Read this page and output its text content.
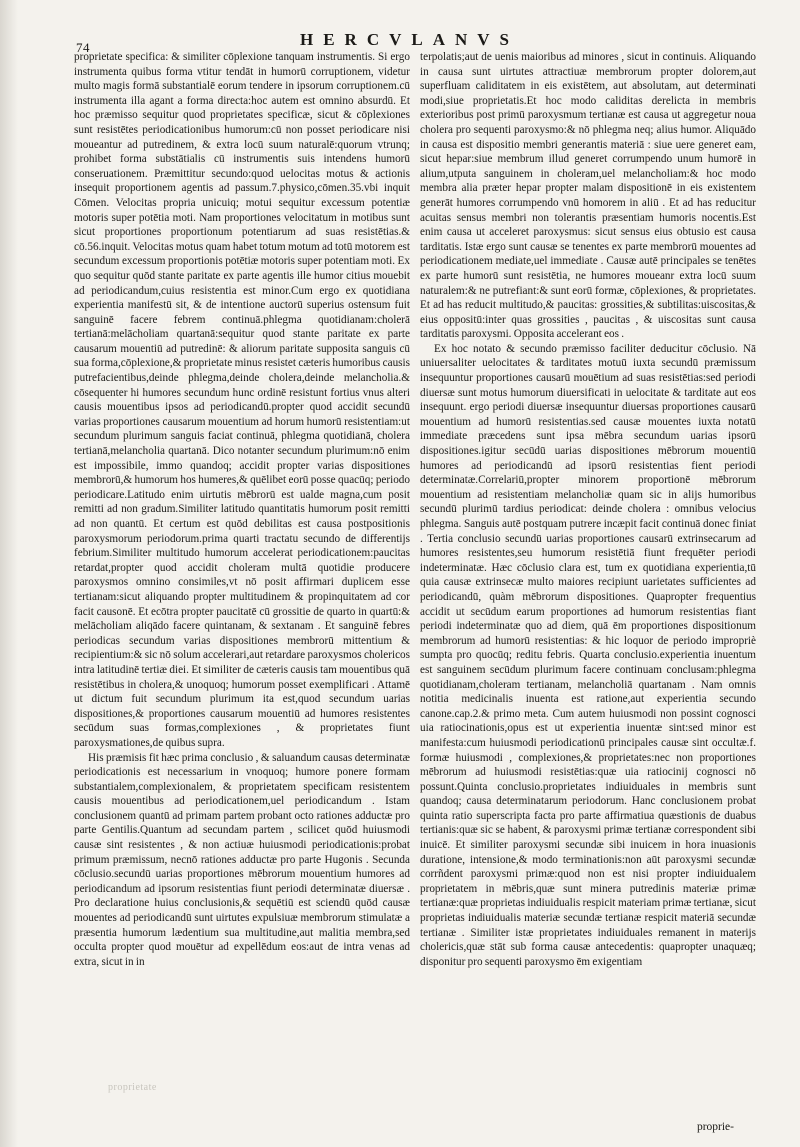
74	HERCVLANVS

proprietate specifica: & similiter cōplexione tanquam instrumentis. Si ergo instrumenta quibus forma vtitur tendāt in humorū corruptionem, videtur multo magis formā substantialē eorum tendere in ipsorum corruptionem.cū instrumenta illa agant a forma directa:hoc autem est omnino absurdū. Et hoc præmisso sequitur quod proprietates specificæ, sicut & cōplexiones sunt resistētes periodicationibus humorum:cū non posset periodicare nisi moueantur ad putredinem, & extra locū suum naturalē:quorum vtrunq; prohibet forma substātialis cū instrumentis suis intendens humorū conseruationem. Præmittitur secundo:quod uelocitas motus & actionis insequit proportionem agentis ad passum.7.physico,cōmen.35.vbi inquit Cōmen. Velocitas propria unicuiq; motui sequitur excessum potentiæ motoris super potētia moti. Nam proportiones velocitatum in motibus sunt sicut proportiones proportionum potentiarum ad suas resistētias.& cō.56.inquit. Velocitas motus quam habet totum motum ad totū motorem est secundum excessum proportionis potētiæ motoris super potentiam moti. Ex quo sequitur quōd stante paritate ex parte agentis ille humor citius mouebit ad periodicandum,cuius resistentia est minor.Cum ergo ex quotidiana experientia manifestū sit, & de intentione auctorū superius ostensum fuit sanguinē facere febrem continuā.phlegma quotidianam:cholerā tertianā:melācholiam quartanā:sequitur quod stante paritate ex parte causarum mouentiū ad putredinē: & aliorum paritate supposita sanguis cū sua forma,cōplexione,& proprietate minus resistet cæteris humoribus causis putrefacientibus,deinde phlegma,deinde cholera,deinde melancholia.& cōsequenter hi humores secundum hunc ordinē resistunt fortius vnus alteri causis mouentibus ipsos ad periodicandū.propter quod accidit secundū varias proportiones causarum mouentium ad horum humorū resistentiam:ut secundum plurimum sanguis faciat continuā, phlegma quotidianā, cholera tertianā,melancholia quartanā. Dico notanter secundum plurimum:nō enim est impossibile, immo quandoq; accidit propter varias dispositiones membrorū,& humorum hos humeres,& quēlibet eorū posse quacūq; periodo periodicare.Latitudo enim uirtutis mēbrorū est ualde magna,cum posit remitti ad non gradum.Similiter latitudo quantitatis humorum posit remitti ad non quantū. Et certum est quōd debilitas est causa postpositionis paroxysmorum periodorum.prima quarti tractatu secundo de differentijs febrium.Similiter multitudo humorum accelerat periodicationem:paucitas retardat,propter quod accidit choleram multā quotidie producere paroxysmos omnino consimiles,vt nō posit affirmari duplicem esse tertianam:sicut aliquando propter multitudinem & propinquitatem ad cor facit causonē. Et ecōtra propter paucitatē cū grossitie de quarto in quartū:& melācholiam aliqādo facere quintanam, & sextanam . Et sanguinē febres periodicas secundum varias dispositiones membrorū mittentium & recipientium:& sic nō solum accelerari,aut retardare paroxysmos cholericos intra latitudinē tertiæ diei. Et similiter de cæteris causis tam mouentibus quā resistētibus in cholera,& unoquoq; humorum posset exemplificari . Attamē ut dictum fuit secundum plurimum ita est,quod secundum uarias dispositiones,& proportiones causarum mouentiū ad humores resistentes secūdum suas formas,complexiones , & proprietates fiunt paroxysmationes,de quibus supra.

His præmisis fit hæc prima conclusio , & saluandum causas determinatæ periodicationis est necessarium in vnoquoq; humore ponere formam substantialem,complexionalem, & proprietatem specificam resistentem causis mouentibus ad periodicationem,uel periodicandum . Istam conclusionem quantū ad primam partem probant octo rationes adductæ pro parte Gentilis.Quantum ad secundam partem , scilicet quōd huiusmodi causæ sint resistentes , & non actiuæ huiusmodi periodicationis:probat primum præmissum, necnō rationes adductæ pro parte Hugonis . Secunda cōclusio.secundū uarias proportiones mēbrorum mouentium humores ad periodicandum ad ipsorum resistentias fiunt periodi determinatæ diuersæ . Pro declaratione huius conclusionis,& sequētiū est sciendū quōd causæ mouentes ad periodicandū sunt uirtutes expulsiuæ membrorum stimulatæ a præsentia humorum lædentium sua multitudine,aut malitia membra,sed occulta propter quod mouētur ad expellēdum eos:aut de intra venas ad extra, sicut in in

terpolatis;aut de uenis maioribus ad minores , sicut in continuis. Aliquando in causa sunt uirtutes attractiuæ membrorum propter dolorem,aut superfluam caliditatem in eis existētem, aut absolutam, aut determinati modi,siue proprietatis.Et hoc modo caliditas derelicta in membris exterioribus post primū paroxysmum tertianæ est causa ut aggregetur noua cholera pro sequenti paroxysmo:& nō phlegma neq; alius humor. Aliquādo in causa est dispositio membri generantis materiā : siue uere generet eam, sicut hepar:siue membrum illud generet corrumpendo unum humorē in alium,utputa sanguinem in choleram,uel melancholiam:& hoc modo membra alia præter hepar propter malam dispositionē in eis existentem generāt humores corrumpendo vnū homorem in aliū . Et ad has reducitur acuitas sensus membri non tolerantis præsentiam humoris nocentis.Est enim causa ut acceleret paroxysmus: sicut sensus eius obtusio est causa tarditatis. Istæ ergo sunt causæ se tenentes ex parte membrorū mouentes ad periodicationem mediate,uel immediate . Causæ autē principales se tenētes ex parte humorū sunt resistētia, ne humores moueanr extra locū suum naturalem:& ne putrefiant:& sunt eorū formæ, cōplexiones, & proprietates. Et ad has reducit multitudo,& paucitas: grossities,& subtilitas:uiscositas,& eius oppositū:inter quas grossities , paucitas , & uiscositas sunt causa tarditatis paroxysmi. Opposita accelerant eos .

Ex hoc notato & secundo præmisso faciliter deducitur cōclusio. Nā uniuersaliter uelocitates & tarditates motuū iuxta secundū præmissum insequuntur proportiones causarū mouētium ad suas resistētias:sed periodi diuersæ sunt motus humorum diuersificati in uelocitate & tarditate aut eos insequunt. ergo periodi diuersæ insequuntur diuersas proportiones causarū mouentium ad humorū resistentias.sed causæ mouentes iuxta notatū immediate præcedens sunt ipsa mēbra secundum uarias ipsorū dispositiones.igitur secūdū uarias dispositiones mēbrorum mouentiū humores ad periodicandū ad ipsorū resistentias fient periodi determinatæ.Correlariū,propter minorem proportionē mēbrorum mouentium ad resistentiam melancholiæ quam sic in alijs humoribus secundū plurimū tardius periodicat: deinde cholera : omnibus velocius phlegma. Sanguis autē postquam putrere incæpit facit continuā donec finiat . Tertia conclusio secundū uarias proportiones causarū extrinsecarum ad humores resistentes,seu humorum resistētiā fiunt frequēter periodi indeterminatæ. Hæc cōclusio clara est, tum ex quotidiana experientia,tū quia causæ extrinsecæ multo maiores recipiunt uarietates sufficientes ad periodicandū, quàm mēbrorum dispositiones. Quapropter frequentius accidit ut secūdum earum proportiones ad humorum resistentias fiant periodi indeterminatæ quo ad diem, quā ēm proportiones dispositionum membrorum ad humorū resistentias: & hic loquor de periodo impropriè sumpta pro quocūq; reditu febris. Quarta conclusio.experientia inuentum est sanguinem secūdum plurimum facere continuam conclusam:phlegma quotidianam,choleram tertianam, melancholiā quartanam . Nam omnis notitia medicinalis inuenta est ratione,aut experientia secundo canone.cap.2.& primo meta. Cum autem huiusmodi non possint cognosci uia ratiocinationis,opus est ut experientia inuentæ sint:sed minor est manifesta:cum huiusmodi periodicationū principales causæ sint occultæ.f. formæ huiusmodi , complexiones,& proprietates:nec non proportiones mēbrorum ad huiusmodi resistētias:quæ uia ratiocinij cognosci nō possunt.Quinta conclusio.proprietates indiuiduales in membris sunt quandoq; causa determinatarum periodorum. Hanc conclusionem probat quinta ratio superscripta facta pro parte affirmatiua quæstionis de duabus tertianis:quæ sic se habent, & paroxysmi primæ tertianæ correspondent sibi inuicē. Et similiter paroxysmi secundæ sibi inuicem in hora inuasionis duratione, intensione,& modo terminationis:non aūt paroxysmi secundæ corrñdent paroxysmi primæ:quod non est nisi propter indiuidualem proprietatem in mēbris,quæ sunt minera putredinis materiæ primæ tertianæ:quæ proprietas indiuidualis respicit materiam primæ tertianæ, sicut proprietas indiuidualis materiæ secundæ tertianæ respicit materiā secundæ tertianæ . Similiter istæ proprietates indiuiduales remanent in materijs cholericis,quæ stāt sub forma causæ antecedentis: quapropter unaquæq; disponitur pro sequenti paroxysmo ēm exigentiam

proprietate
proprie-
